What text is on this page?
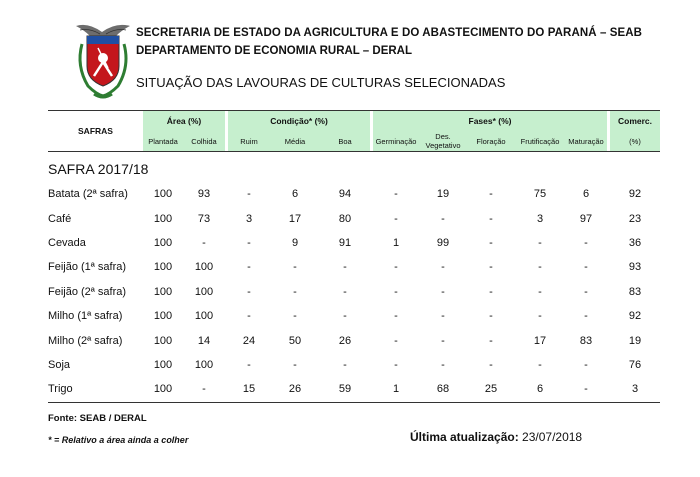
SECRETARIA DE ESTADO DA AGRICULTURA E DO ABASTECIMENTO DO PARANÁ – SEAB
DEPARTAMENTO DE ECONOMIA RURAL – DERAL
SITUAÇÃO DAS LAVOURAS DE CULTURAS SELECIONADAS
SAFRAS	Área (%)			Condição* (%)				Fases* (%)						Comerc.
	Plantada	Colhida		Ruim	Média	Boa		Germinação	Des. Vegetativo	Floração	Frutificação	Maturação		(%)
SAFRA 2017/18														
Batata (2ª safra)	100	93		-	6	94		-	19	-	75	6		92
Café	100	73		3	17	80		-	-	-	3	97		23
Cevada	100	-		-	9	91		1	99	-	-	-		36
Feijão (1ª safra)	100	100		-	-	-		-	-	-	-	-		93
Feijão (2ª safra)	100	100		-	-	-		-	-	-	-	-		83
Milho (1ª safra)	100	100		-	-	-		-	-	-	-	-		92
Milho (2ª safra)	100	14		24	50	26		-	-	-	17	83		19
Soja	100	100		-	-	-		-	-	-	-	-		76
Trigo	100	-		15	26	59		1	68	25	6	-		3
Fonte: SEAB / DERAL
* = Relativo a área ainda a colher	Última atualização: 23/07/2018
